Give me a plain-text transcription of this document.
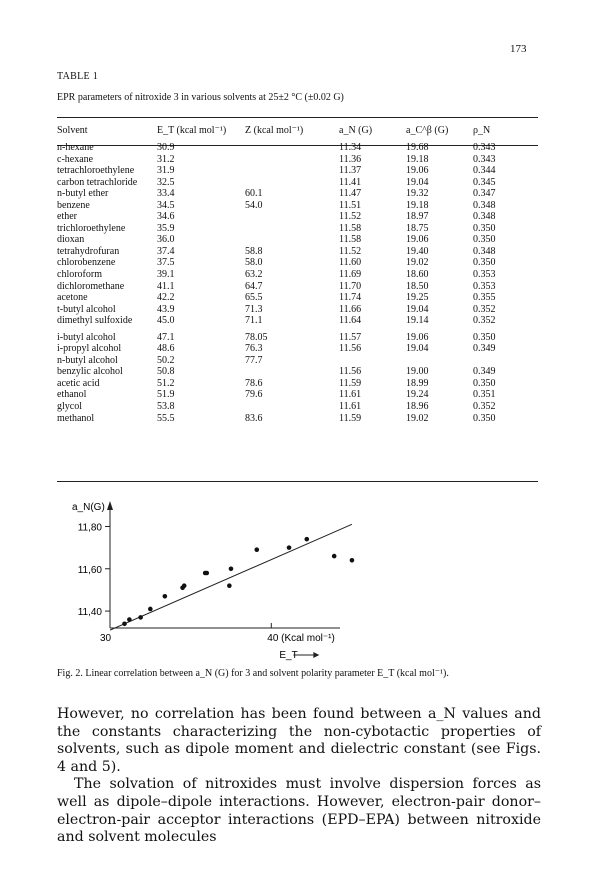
173
TABLE 1
EPR parameters of nitroxide 3 in various solvents at 25±2 °C (±0.02 G)
Solvent	E_T (kcal mol⁻¹)	Z (kcal mol⁻¹)	a_N (G)	a_C^β (G)	ρ_N
n-hexane	30.9		11.34	19.68	0.343
c-hexane	31.2		11.36	19.18	0.343
tetrachloroethylene	31.9		11.37	19.06	0.344
carbon tetrachloride	32.5		11.41	19.04	0.345
n-butyl ether	33.4	60.1	11.47	19.32	0.347
benzene	34.5	54.0	11.51	19.18	0.348
ether	34.6		11.52	18.97	0.348
trichloroethylene	35.9		11.58	18.75	0.350
dioxan	36.0		11.58	19.06	0.350
tetrahydrofuran	37.4	58.8	11.52	19.40	0.348
chlorobenzene	37.5	58.0	11.60	19.02	0.350
chloroform	39.1	63.2	11.69	18.60	0.353
dichloromethane	41.1	64.7	11.70	18.50	0.353
acetone	42.2	65.5	11.74	19.25	0.355
t-butyl alcohol	43.9	71.3	11.66	19.04	0.352
dimethyl sulfoxide	45.0	71.1	11.64	19.14	0.352
i-butyl alcohol	47.1	78.05	11.57	19.06	0.350
i-propyl alcohol	48.6	76.3	11.56	19.04	0.349
n-butyl alcohol	50.2	77.7			
benzylic alcohol	50.8		11.56	19.00	0.349
acetic acid	51.2	78.6	11.59	18.99	0.350
ethanol	51.9	79.6	11.61	19.24	0.351
glycol	53.8		11.61	18.96	0.352
methanol	55.5	83.6	11.59	19.02	0.350
11,40
11,60
11,80
30	40 (Kcal mol⁻¹)
a_N(G)
E_T
Fig. 2. Linear correlation between a_N (G) for 3 and solvent polarity parameter E_T (kcal mol⁻¹).

However, no correlation has been found between a_N values and the constants characterizing the non-cybotactic properties of solvents, such as dipole moment and dielectric constant (see Figs. 4 and 5).

The solvation of nitroxides must involve dispersion forces as well as dipole–dipole interactions. However, electron-pair donor–electron-pair acceptor interactions (EPD–EPA) between nitroxide and solvent molecules
